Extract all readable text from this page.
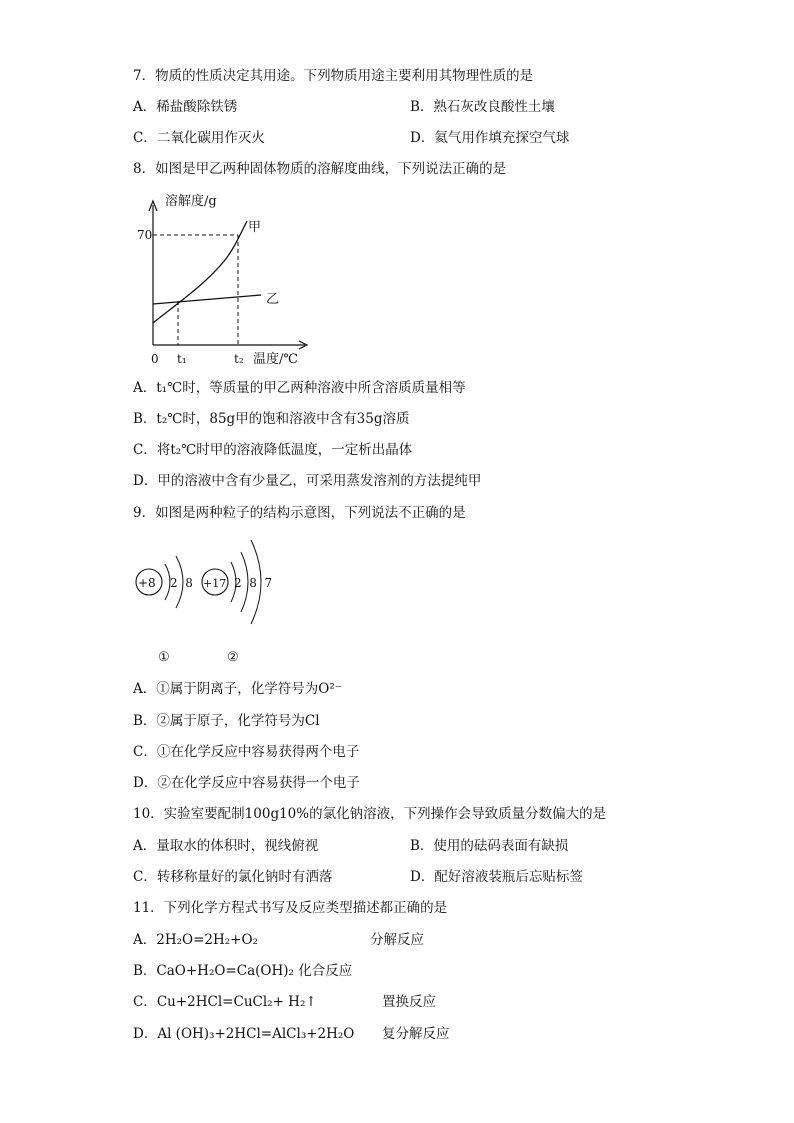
7．物质的性质决定其用途。下列物质用途主要利用其物理性质的是
A．稀盐酸除铁锈	B．熟石灰改良酸性土壤
C．二氧化碳用作灭火	D．氦气用作填充探空气球
8．如图是甲乙两种固体物质的溶解度曲线，下列说法正确的是
溶解度/g
70	甲
乙
0 t₁	t₂ 温度/℃
A．t₁℃时，等质量的甲乙两种溶液中所含溶质质量相等
B．t₂℃时，85g甲的饱和溶液中含有35g溶质
C．将t₂℃时甲的溶液降低温度，一定析出晶体
D．甲的溶液中含有少量乙，可采用蒸发溶剂的方法提纯甲
9．如图是两种粒子的结构示意图，下列说法不正确的是
+8 2  8 +17 2  8  7
①	②
A．①属于阴离子，化学符号为O²⁻
B．②属于原子，化学符号为Cl
C．①在化学反应中容易获得两个电子
D．②在化学反应中容易获得一个电子
10．实验室要配制100g10%的氯化钠溶液，下列操作会导致质量分数偏大的是
A．量取水的体积时，视线俯视	B．使用的砝码表面有缺损
C．转移称量好的氯化钠时有洒落	D．配好溶液装瓶后忘贴标签
11．下列化学方程式书写及反应类型描述都正确的是
A．2H₂O=2H₂+O₂	分解反应
B．CaO+H₂O=Ca(OH)₂ 化合反应
C．Cu+2HCl=CuCl₂+ H₂↑	置换反应
D．Al (OH)₃+2HCl=AlCl₃+2H₂O 复分解反应
